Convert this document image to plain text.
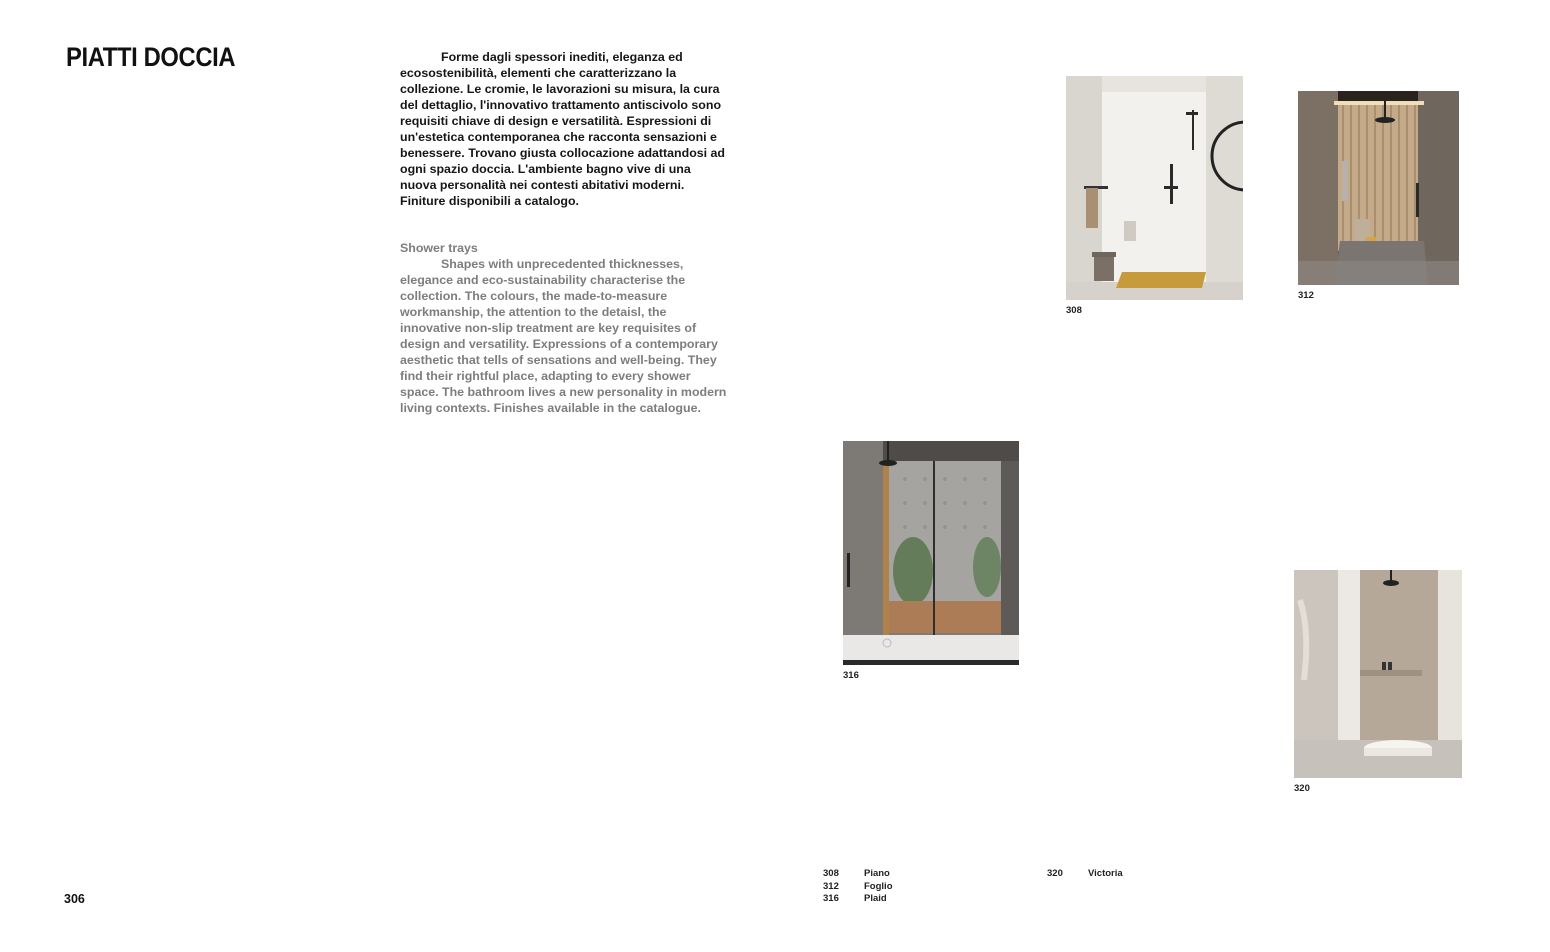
PIATTI DOCCIA	Forme dagli spessori inediti, eleganza ed ecosostenibilità, elementi che caratterizzano la collezione. Le cromie, le lavorazioni su misura, la cura del dettaglio, l'innovativo trattamento antiscivolo sono requisiti chiave di design e versatilità. Espressioni di un'estetica contemporanea che racconta sensazioni e benessere. Trovano giusta collocazione adattandosi ad ogni spazio doccia. L'ambiente bagno vive di una nuova personalità nei contesti abitativi moderni. Finiture disponibili a catalogo.

Shower trays

Shapes with unprecedented thicknesses, elegance and eco-sustainability characterise the collection. The colours, the made-to-measure workmanship, the attention to the detaisl, the innovative non-slip treatment are key requisites of design and versatility. Expressions of a contemporary aesthetic that tells of sensations and well-being. They find their rightful place, adapting to every shower space. The bathroom lives a new personality in modern living contexts. Finishes available in the catalogue.

308
312
316
320
308	Piano
312	Foglio
316	Plaid
320	Victoria
306
